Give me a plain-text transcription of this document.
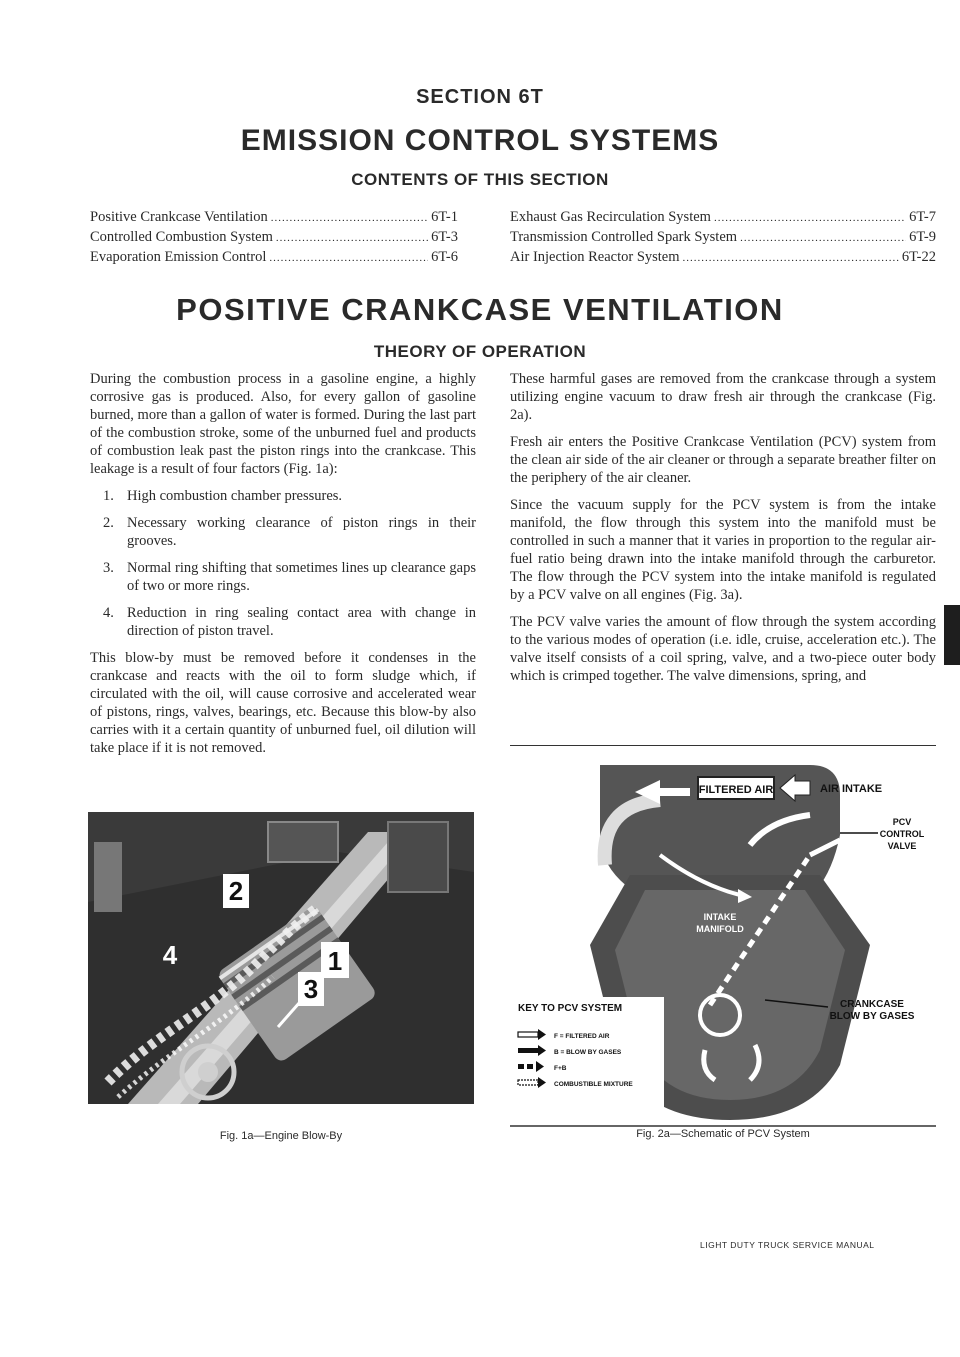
SECTION 6T
EMISSION CONTROL SYSTEMS
CONTENTS OF THIS SECTION
Positive Crankcase Ventilation .....	6T-1
Controlled Combustion System .....	6T-3
Evaporation Emission Control .....	6T-6
Exhaust Gas Recirculation System .....	6T-7
Transmission Controlled Spark System .....	6T-9
Air Injection Reactor System .....	6T-22
POSITIVE CRANKCASE VENTILATION
THEORY OF OPERATION

During the combustion process in a gasoline engine, a highly corrosive gas is produced. Also, for every gallon of gasoline burned, more than a gallon of water is formed. During the last part of the combustion stroke, some of the unburned fuel and products of combustion leak past the piston rings into the crankcase. This leakage is a result of four factors (Fig. 1a):

1. High combustion chamber pressures.
2. Necessary working clearance of piston rings in their grooves.
3. Normal ring shifting that sometimes lines up clearance gaps of two or more rings.
4. Reduction in ring sealing contact area with change in direction of piston travel.

This blow-by must be removed before it condenses in the crankcase and reacts with the oil to form sludge which, if circulated with the oil, will cause corrosive and accelerated wear of pistons, rings, valves, bearings, etc. Because this blow-by also carries with it a certain quantity of unburned fuel, oil dilution will take place if it is not removed.

These harmful gases are removed from the crankcase through a system utilizing engine vacuum to draw fresh air through the crankcase (Fig. 2a).

Fresh air enters the Positive Crankcase Ventilation (PCV) system from the clean air side of the air cleaner or through a separate breather filter on the periphery of the air cleaner.

Since the vacuum supply for the PCV system is from the intake manifold, the flow through this system into the manifold must be controlled in such a manner that it varies in proportion to the regular air-fuel ratio being drawn into the intake manifold through the carburetor. The flow through the PCV system into the intake manifold is regulated by a PCV valve on all engines (Fig. 3a).

The PCV valve varies the amount of flow through the system according to the various modes of operation (i.e. idle, cruise, acceleration etc.). The valve itself consists of a coil spring, valve, and a two-piece outer body which is crimped together. The valve dimensions, spring, and

2
4	1
3
Fig. 1a—Engine Blow-By
FILTERED AIR	AIR INTAKE
PCV
CONTROL
VALVE
INTAKE
MANIFOLD
CRANKCASE
BLOW BY GASES
KEY TO PCV SYSTEM
F = FILTERED AIR
B = BLOW BY GASES
F+B
COMBUSTIBLE MIXTURE
Fig. 2a—Schematic of PCV System
LIGHT DUTY TRUCK SERVICE MANUAL
